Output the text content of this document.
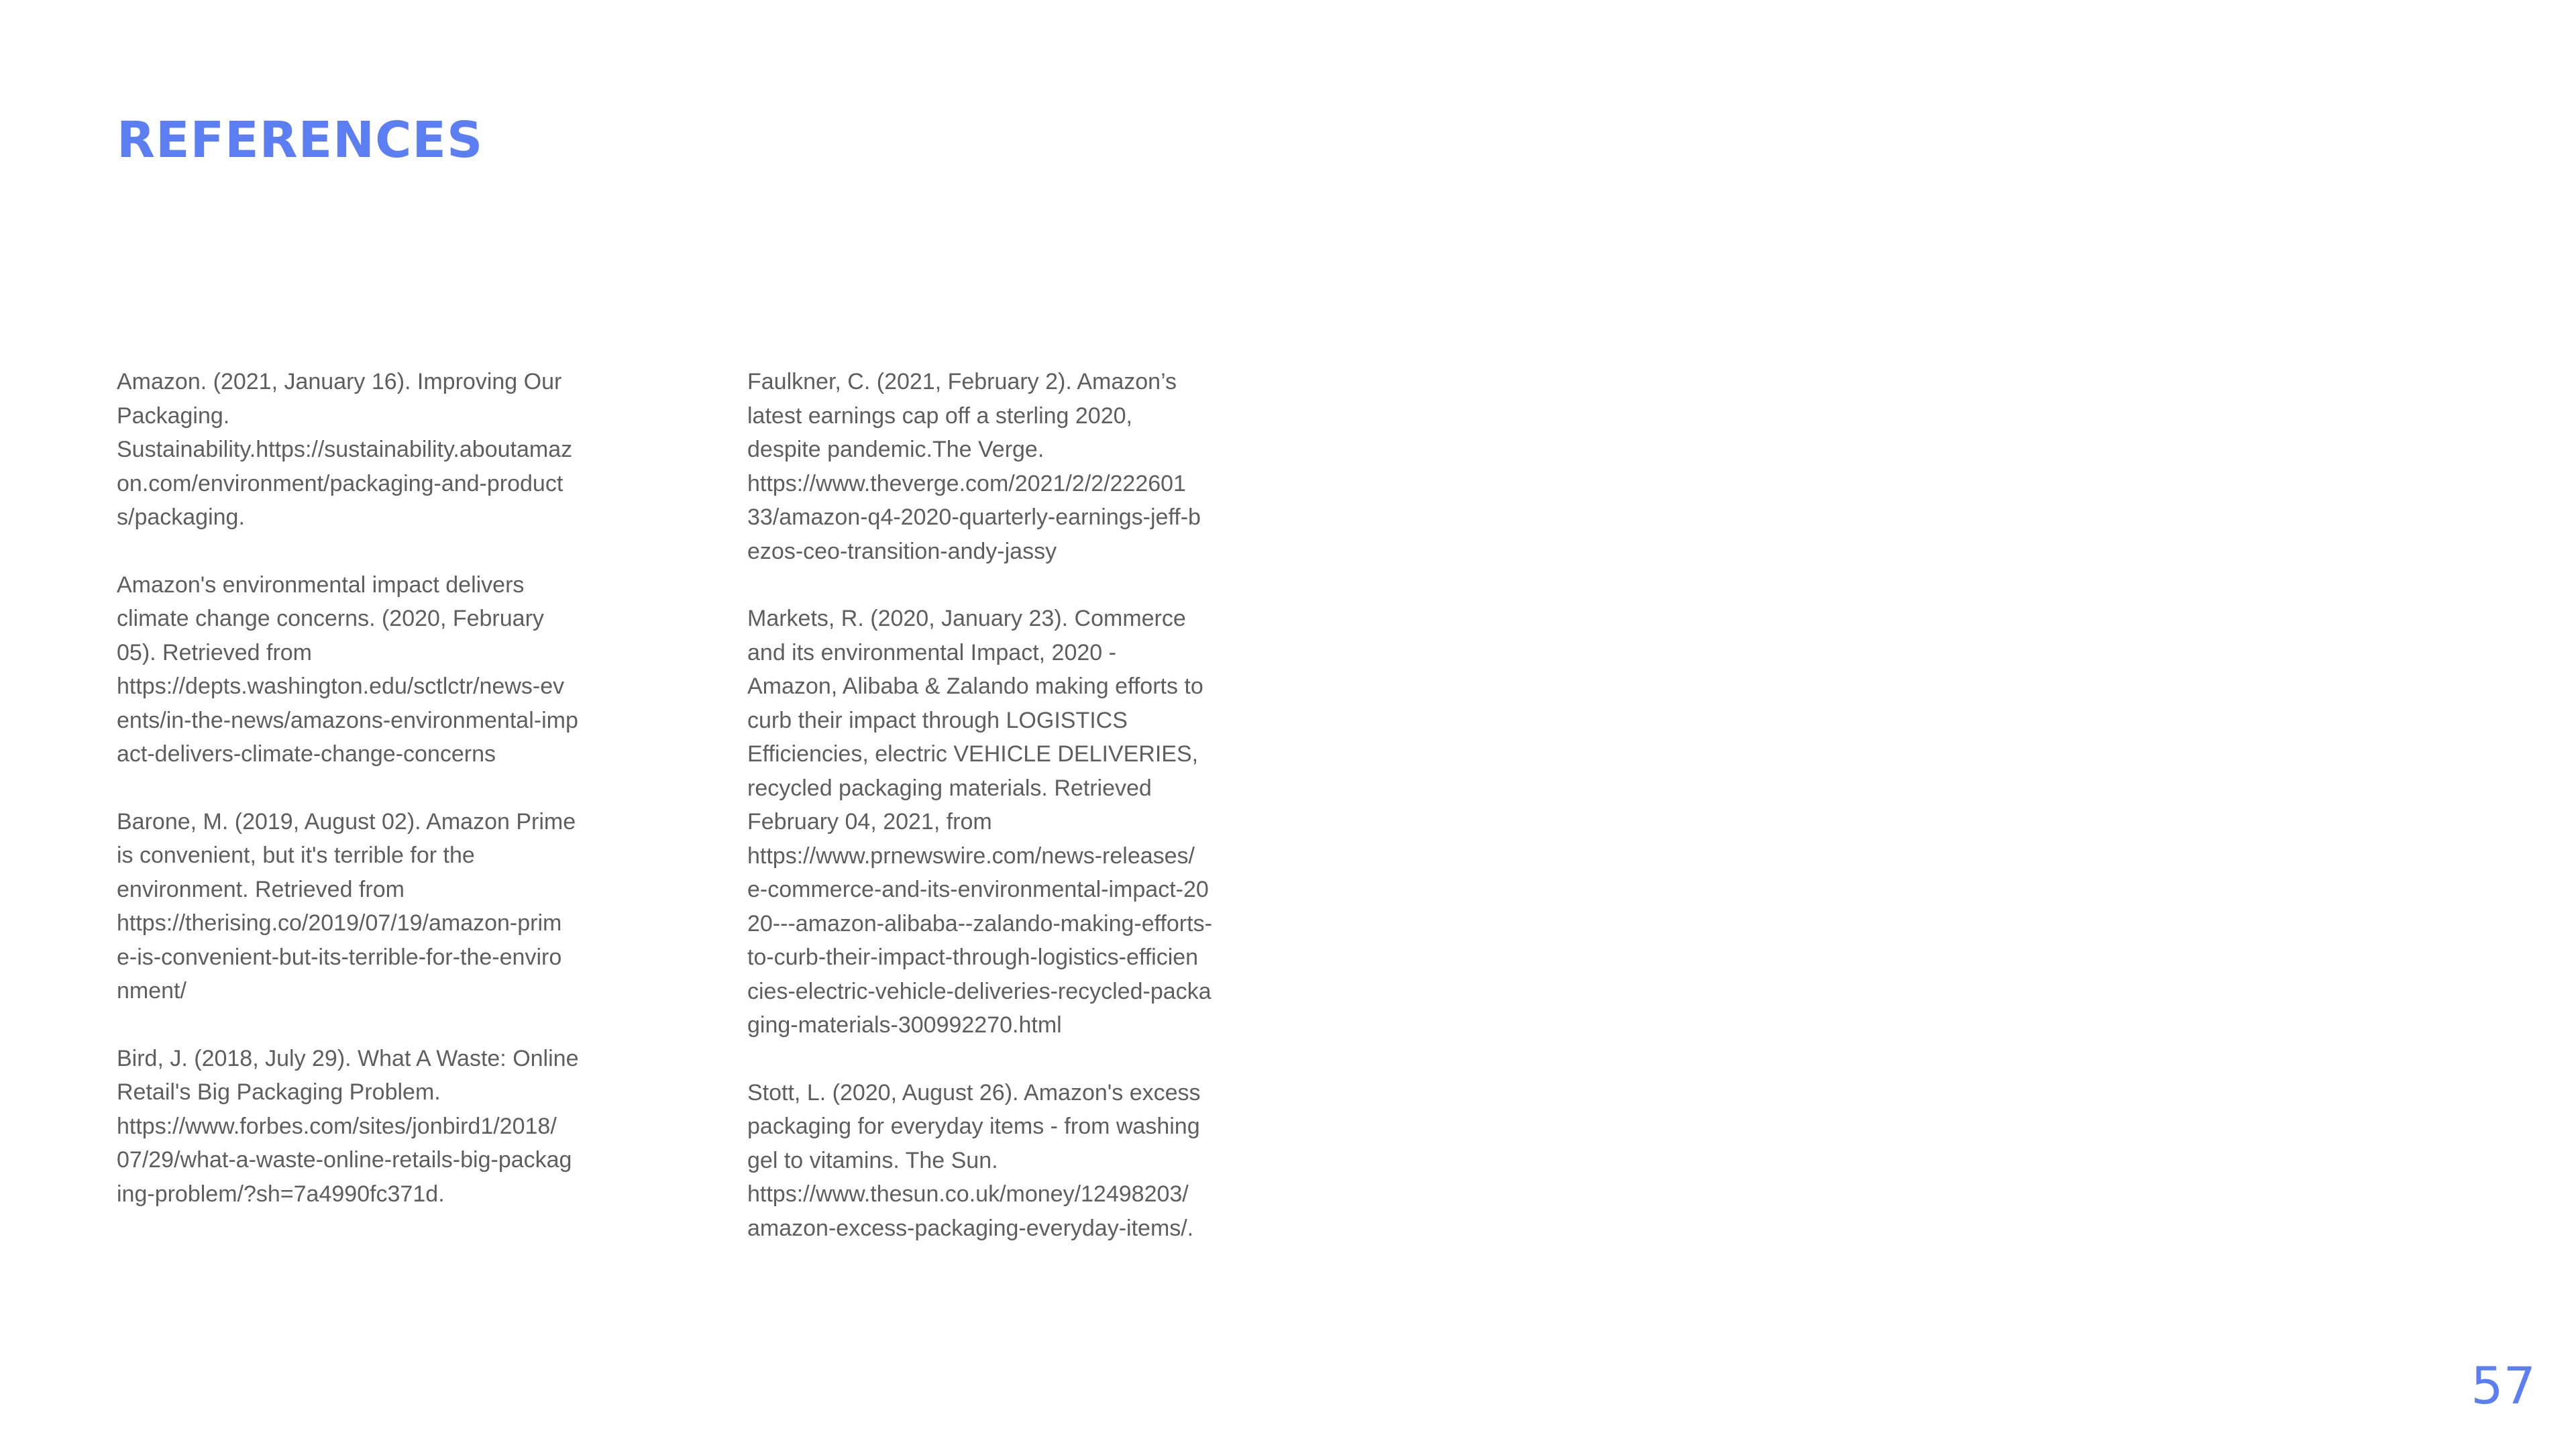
REFERENCES

Amazon. (2021, January 16). Improving Our
Packaging.
Sustainability.https://sustainability.aboutamaz
on.com/environment/packaging-and-product
s/packaging.

Amazon's environmental impact delivers
climate change concerns. (2020, February
05). Retrieved from
https://depts.washington.edu/sctlctr/news-ev
ents/in-the-news/amazons-environmental-imp
act-delivers-climate-change-concerns

Barone, M. (2019, August 02). Amazon Prime
is convenient, but it's terrible for the
environment. Retrieved from
https://therising.co/2019/07/19/amazon-prim
e-is-convenient-but-its-terrible-for-the-enviro
nment/

Bird, J. (2018, July 29). What A Waste: Online
Retail's Big Packaging Problem.
https://www.forbes.com/sites/jonbird1/2018/
07/29/what-a-waste-online-retails-big-packag
ing-problem/?sh=7a4990fc371d.

Faulkner, C. (2021, February 2). Amazon’s
latest earnings cap off a sterling 2020,
despite pandemic.The Verge.
https://www.theverge.com/2021/2/2/222601
33/amazon-q4-2020-quarterly-earnings-jeff-b
ezos-ceo-transition-andy-jassy

Markets, R. (2020, January 23). Commerce
and its environmental Impact, 2020 -
Amazon, Alibaba & Zalando making efforts to
curb their impact through LOGISTICS
Efficiencies, electric VEHICLE DELIVERIES,
recycled packaging materials. Retrieved
February 04, 2021, from
https://www.prnewswire.com/news-releases/
e-commerce-and-its-environmental-impact-20
20---amazon-alibaba--zalando-making-efforts-
to-curb-their-impact-through-logistics-efficien
cies-electric-vehicle-deliveries-recycled-packa
ging-materials-300992270.html

Stott, L. (2020, August 26). Amazon's excess
packaging for everyday items - from washing
gel to vitamins. The Sun.
https://www.thesun.co.uk/money/12498203/
amazon-excess-packaging-everyday-items/.

57
